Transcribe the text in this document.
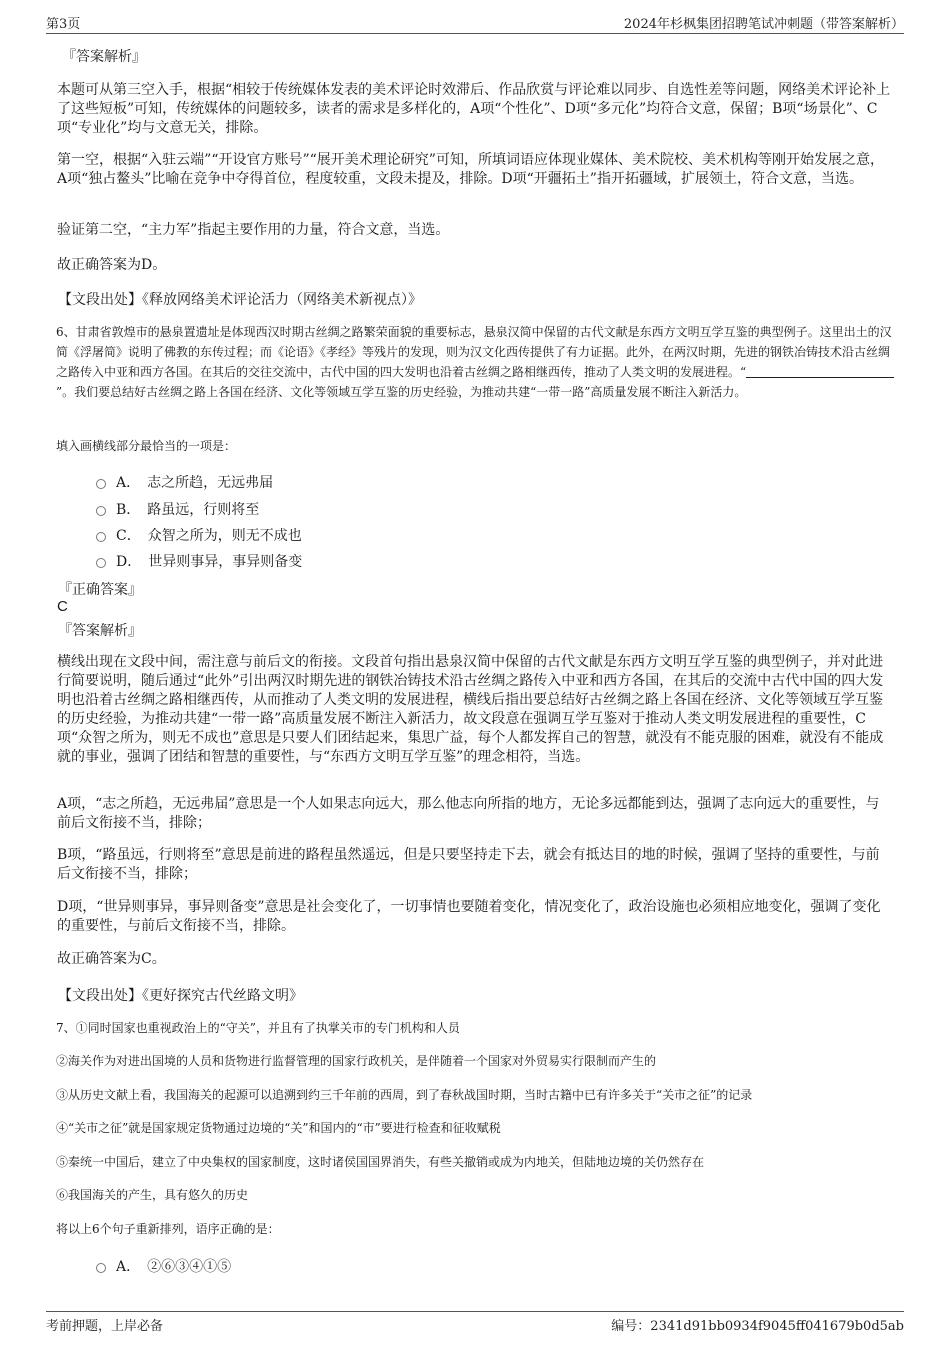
第3页	2024年杉枫集团招聘笔试冲刺题（带答案解析）

『答案解析』

本题可从第三空入手，根据“相较于传统媒体发表的美术评论时效滞后、作品欣赏与评论难以同步、自选性差等问题，网络美术评论补上了这些短板”可知，传统媒体的问题较多，读者的需求是多样化的，A项“个性化”、D项“多元化”均符合文意，保留；B项“场景化”、C项“专业化”均与文意无关，排除。

第一空，根据“入驻云端”“开设官方账号”“展开美术理论研究”可知，所填词语应体现业媒体、美术院校、美术机构等刚开始发展之意，A项“独占鳌头”比喻在竞争中夺得首位，程度较重，文段未提及，排除。D项“开疆拓土”指开拓疆域，扩展领土，符合文意，当选。

验证第二空，“主力军”指起主要作用的力量，符合文意，当选。

故正确答案为D。

【文段出处】《释放网络美术评论活力（网络美术新视点）》

6、甘肃省敦煌市的悬泉置遗址是体现西汉时期古丝绸之路繁荣面貌的重要标志，悬泉汉简中保留的古代文献是东西方文明互学互鉴的典型例子。这里出土的汉简《浮屠简》说明了佛教的东传过程；而《论语》《孝经》等残片的发现，则为汉文化西传提供了有力证据。此外，在两汉时期，先进的钢铁冶铸技术沿古丝绸之路传入中亚和西方各国。在其后的交往交流中，古代中国的四大发明也沿着古丝绸之路相继西传，推动了人类文明的发展进程。“”。我们要总结好古丝绸之路上各国在经济、文化等领域互学互鉴的历史经验，为推动共建“一带一路”高质量发展不断注入新活力。

填入画横线部分最恰当的一项是：

A．　志之所趋，无远弗届
B．　路虽远，行则将至
C．　众智之所为，则无不成也
D．　世异则事异，事异则备变

『正确答案』

C

『答案解析』

横线出现在文段中间，需注意与前后文的衔接。文段首句指出悬泉汉简中保留的古代文献是东西方文明互学互鉴的典型例子，并对此进行简要说明，随后通过“此外”引出两汉时期先进的钢铁冶铸技术沿古丝绸之路传入中亚和西方各国，在其后的交流中古代中国的四大发明也沿着古丝绸之路相继西传，从而推动了人类文明的发展进程，横线后指出要总结好古丝绸之路上各国在经济、文化等领域互学互鉴的历史经验，为推动共建“一带一路”高质量发展不断注入新活力，故文段意在强调互学互鉴对于推动人类文明发展进程的重要性，C项“众智之所为，则无不成也”意思是只要人们团结起来，集思广益，每个人都发挥自己的智慧，就没有不能克服的困难，就没有不能成就的事业，强调了团结和智慧的重要性，与“东西方文明互学互鉴”的理念相符，当选。

A项，“志之所趋，无远弗届”意思是一个人如果志向远大，那么他志向所指的地方，无论多远都能到达，强调了志向远大的重要性，与前后文衔接不当，排除；

B项，“路虽远，行则将至”意思是前进的路程虽然遥远，但是只要坚持走下去，就会有抵达目的地的时候，强调了坚持的重要性，与前后文衔接不当，排除；

D项，“世异则事异，事异则备变”意思是社会变化了，一切事情也要随着变化，情况变化了，政治设施也必须相应地变化，强调了变化的重要性，与前后文衔接不当，排除。

故正确答案为C。

【文段出处】《更好探究古代丝路文明》

7、①同时国家也重视政治上的“守关”，并且有了执掌关市的专门机构和人员

②海关作为对进出国境的人员和货物进行监督管理的国家行政机关，是伴随着一个国家对外贸易实行限制而产生的

③从历史文献上看，我国海关的起源可以追溯到约三千年前的西周，到了春秋战国时期，当时古籍中已有许多关于“关市之征”的记录

④“关市之征”就是国家规定货物通过边境的“关”和国内的“市”要进行检查和征收赋税

⑤秦统一中国后，建立了中央集权的国家制度，这时诸侯国国界消失，有些关撤销或成为内地关，但陆地边境的关仍然存在

⑥我国海关的产生，具有悠久的历史

将以上6个句子重新排列，语序正确的是：

A．　②⑥③④①⑤
考前押题，上岸必备	编号：2341d91bb0934f9045ff041679b0d5ab
